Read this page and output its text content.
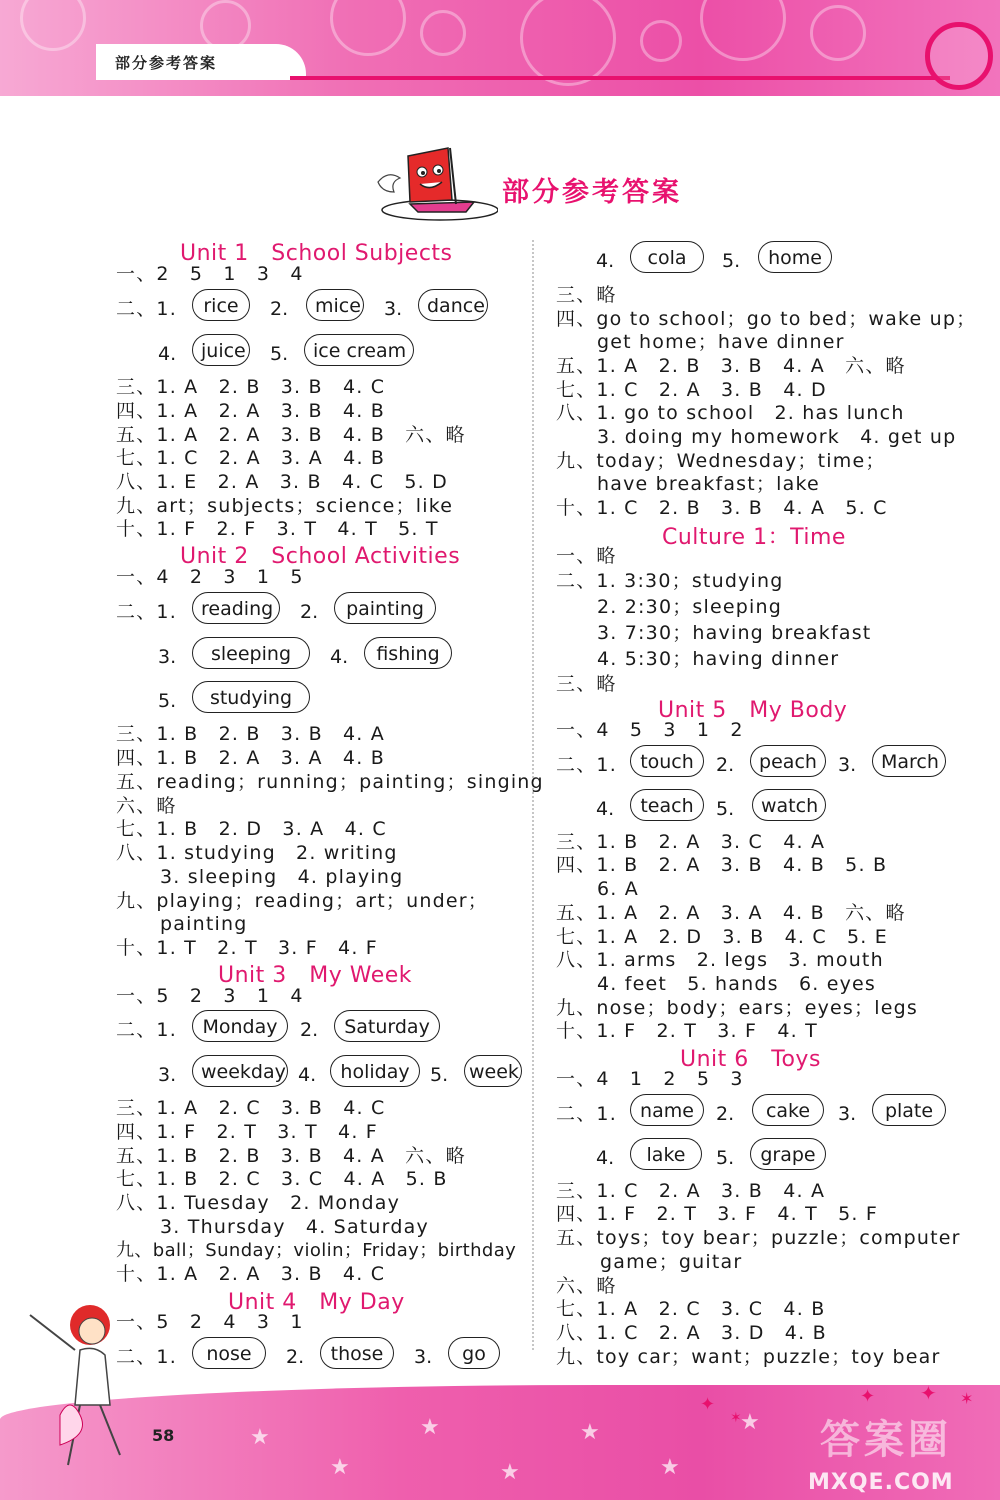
部分参考答案
部分参考答案
Unit 1　School Subjects
一、2　5　1　3　4
二、1.	rice	2.	mice 3.	dance
4.	juice 5.	ice cream
三、1. A　2. B　3. B　4. C
四、1. A　2. A　3. B　4. B
五、1. A　2. A　3. B　4. B　六、略
七、1. C　2. A　3. A　4. B
八、1. E　2. A　3. B　4. C　5. D
九、art；subjects；science；like
十、1. F　2. F　3. T　4. T　5. T
Unit 2　School Activities
一、4　2　3　1　5
二、1.	reading	2.	painting
3.	sleeping	4.	fishing
5.	studying
三、1. B　2. B　3. B　4. A
四、1. B　2. A　3. A　4. B
五、reading；running；painting；singing
六、略
七、1. B　2. D　3. A　4. C
八、1. studying　2. writing
3. sleeping　4. playing
九、playing；reading；art；under；
painting
十、1. T　2. T　3. F　4. F
Unit 3　My Week
一、5　2　3　1　4
二、1.	Monday	2.	Saturday
3.	weekday 4.	holiday	5. week
三、1. A　2. C　3. B　4. C
四、1. F　2. T　3. T　4. F
五、1. B　2. B　3. B　4. A　六、略
七、1. B　2. C　3. C　4. A　5. B
八、1. Tuesday　2. Monday
3. Thursday　4. Saturday
九、ball；Sunday；violin；Friday；birthday
十、1. A　2. A　3. B　4. C
Unit 4　My Day
一、5　2　4　3　1
二、1.	nose	2.	those	3.	go
4.	cola	5.	home
三、略
四、go to school；go to bed；wake up；
get home；have dinner
五、1. A　2. B　3. B　4. A　六、略
七、1. C　2. A　3. B　4. D
八、1. go to school　2. has lunch
3. doing my homework　4. get up
九、today；Wednesday；time；
have breakfast；lake
十、1. C　2. B　3. B　4. A　5. C
Culture 1：Time
一、略
二、1. 3:30；studying
2. 2:30；sleeping
3. 7:30；having breakfast
4. 5:30；having dinner
三、略
Unit 5　My Body
一、4　5　3　1　2
二、1.	touch	2.	peach	3.	March
4.	teach	5.	watch
三、1. B　2. A　3. C　4. A
四、1. B　2. A　3. B　4. B　5. B
6. A
五、1. A　2. A　3. A　4. B　六、略
七、1. A　2. D　3. B　4. C　5. E
八、1. arms　2. legs　3. mouth
4. feet　5. hands　6. eyes
九、nose；body；ears；eyes；legs
十、1. F　2. T　3. F　4. T
Unit 6　Toys
一、4　1　2　5　3
二、1.	name	2.	cake	3.	plate
4.	lake	5.	grape
三、1. C　2. A　3. B　4. A
四、1. F　2. T　3. F　4. T　5. F
五、toys；toy bear；puzzle；computer
game；guitar
六、略
七、1. A　2. C　3. C　4. B
八、1. C　2. A　3. D　4. B
九、toy car；want；puzzle；toy bear
★
★
★
★
★
★
★
✦
✶
✦ ✦ ✶
58	答案圈
MXQE.COM
